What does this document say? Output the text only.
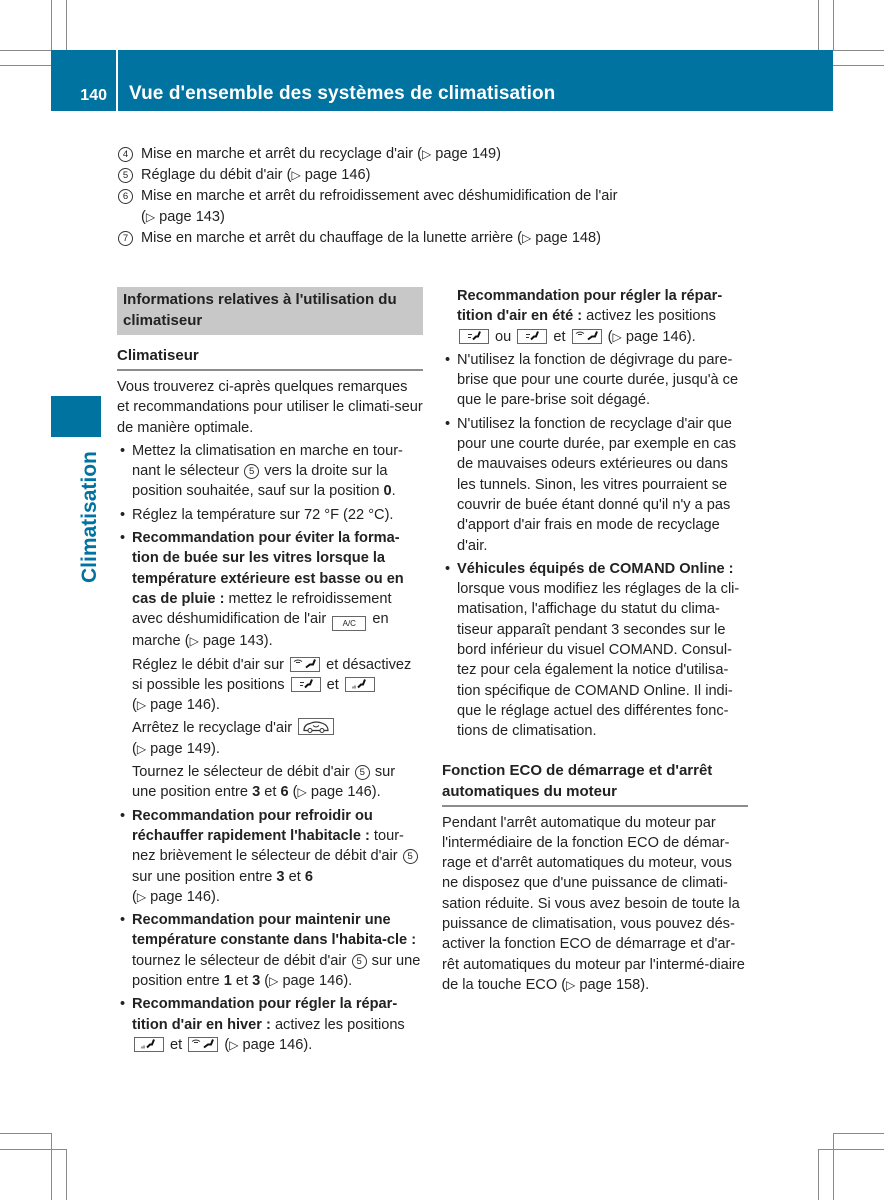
140	Vue d'ensemble des systèmes de climatisation
Climatisation
4 Mise en marche et arrêt du recyclage d'air (▷ page 149)
5 Réglage du débit d'air (▷ page 146)
6 Mise en marche et arrêt du refroidissement avec déshumidification de l'air
(▷ page 143)
7 Mise en marche et arrêt du chauffage de la lunette arrière (▷ page 148)
Informations relatives à l'utilisation du climatiseur
Climatiseur

Vous trouverez ci-après quelques remarques et recommandations pour utiliser le climati-seur de manière optimale.

• Mettez la climatisation en marche en tour-nant le sélecteur 5 vers la droite sur la position souhaitée, sauf sur la position 0.
• Réglez la température sur 72 °F (22 °C).
• Recommandation pour éviter la forma-tion de buée sur les vitres lorsque la température extérieure est basse ou en cas de pluie : mettez le refroidissement avec déshumidification de l'air A/C en marche (▷ page 143).

Réglez le débit d'air sur
et désactivez si possible les positions
et

(▷ page 146).

Arrêtez le recyclage d'air

(▷ page 149).

Tournez le sélecteur de débit d'air 5 sur une position entre 3 et 6 (▷ page 146).

• Recommandation pour refroidir ou réchauffer rapidement l'habitacle : tour-nez brièvement le sélecteur de débit d'air 5 sur une position entre 3 et 6
(▷ page 146).
• Recommandation pour maintenir une température constante dans l'habita-cle : tournez le sélecteur de débit d'air 5 sur une position entre 1 et 3 (▷ page 146).
• Recommandation pour régler la répar-tition d'air en hiver : activez les positions

et
(▷ page 146).

Recommandation pour régler la répar-tition d'air en été : activez les positions

ou
et
(▷ page 146).

• N'utilisez la fonction de dégivrage du pare-brise que pour une courte durée, jusqu'à ce que le pare-brise soit dégagé.
• N'utilisez la fonction de recyclage d'air que pour une courte durée, par exemple en cas de mauvaises odeurs extérieures ou dans les tunnels. Sinon, les vitres pourraient se couvrir de buée étant donné qu'il n'y a pas d'apport d'air frais en mode de recyclage d'air.
• Véhicules équipés de COMAND Online : lorsque vous modifiez les réglages de la cli-matisation, l'affichage du statut du clima-tiseur apparaît pendant 3 secondes sur le bord inférieur du visuel COMAND. Consul-tez pour cela également la notice d'utilisa-tion spécifique de COMAND Online. Il indi-que le réglage actuel des différentes fonc-tions de climatisation.
Fonction ECO de démarrage et d'arrêt automatiques du moteur

Pendant l'arrêt automatique du moteur par l'intermédiaire de la fonction ECO de démar-rage et d'arrêt automatiques du moteur, vous ne disposez que d'une puissance de climati-sation réduite. Si vous avez besoin de toute la puissance de climatisation, vous pouvez dés-activer la fonction ECO de démarrage et d'ar-rêt automatiques du moteur par l'intermé-diaire de la touche ECO (▷ page 158).
